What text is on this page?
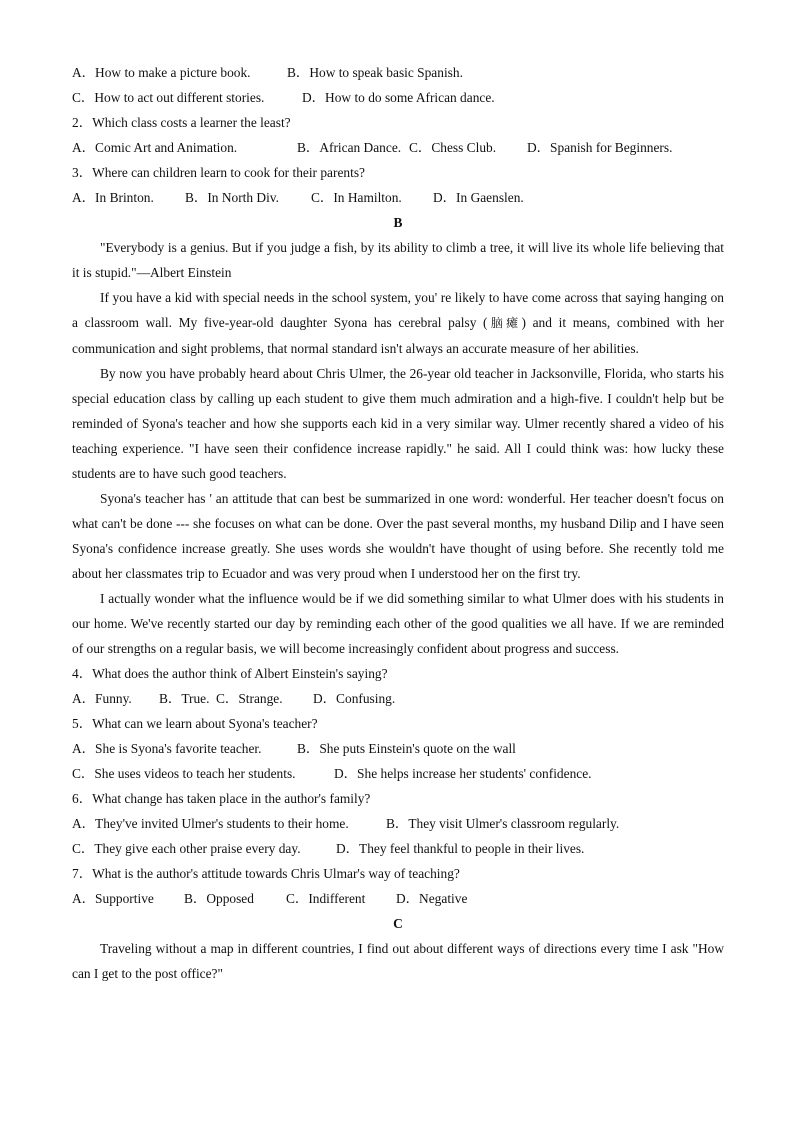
A．How to make a picture book.	B．How to speak basic Spanish.
C．How to act out different stories.	D．How to do some African dance.
2．Which class costs a learner the least?
A．Comic Art and Animation.	B．African Dance. C．Chess Club. D．Spanish for Beginners.
3．Where can children learn to cook for their parents?
A．In Brinton. B．In North Div. C．In Hamilton. D．In Gaenslen.
B

"Everybody is a genius. But if you judge a fish, by its ability to climb a tree, it will live its whole life believing that it is stupid."—Albert Einstein

If you have a kid with special needs in the school system, you' re likely to have come across that saying hanging on a classroom wall. My five-year-old daughter Syona has cerebral palsy (脑瘫) and it means, combined with her communication and sight problems, that normal standard isn't always an accurate measure of her abilities.

By now you have probably heard about Chris Ulmer, the 26-year old teacher in Jacksonville, Florida, who starts his special education class by calling up each student to give them much admiration and a high-five. I couldn't help but be reminded of Syona's teacher and how she supports each kid in a very similar way. Ulmer recently shared a video of his teaching experience. "I have seen their confidence increase rapidly." he said. All I could think was: how lucky these students are to have such good teachers.

Syona's teacher has ' an attitude that can best be summarized in one word: wonderful. Her teacher doesn't focus on what can't be done --- she focuses on what can be done. Over the past several months, my husband Dilip and I have seen Syona's confidence increase greatly. She uses words she wouldn't have thought of using before. She recently told me about her classmates trip to Ecuador and was very proud when I understood her on the first try.

I actually wonder what the influence would be if we did something similar to what Ulmer does with his students in our home. We've recently started our day by reminding each other of the good qualities we all have. If we are reminded of our strengths on a regular basis, we will become increasingly confident about progress and success.

4．What does the author think of Albert Einstein's saying?
A．Funny. B．True. C．Strange. D．Confusing.
5．What can we learn about Syona's teacher?
A．She is Syona's favorite teacher.	B．She puts Einstein's quote on the wall
C．She uses videos to teach her students.	D．She helps increase her students' confidence.
6．What change has taken place in the author's family?
A．They've invited Ulmer's students to their home.	B．They visit Ulmer's classroom regularly.
C．They give each other praise every day.	D．They feel thankful to people in their lives.
7．What is the author's attitude towards Chris Ulmar's way of teaching?
A．Supportive B．Opposed C．Indifferent D．Negative
C

Traveling without a map in different countries, I find out about different ways of directions every time I ask "How can I get to the post office?"
